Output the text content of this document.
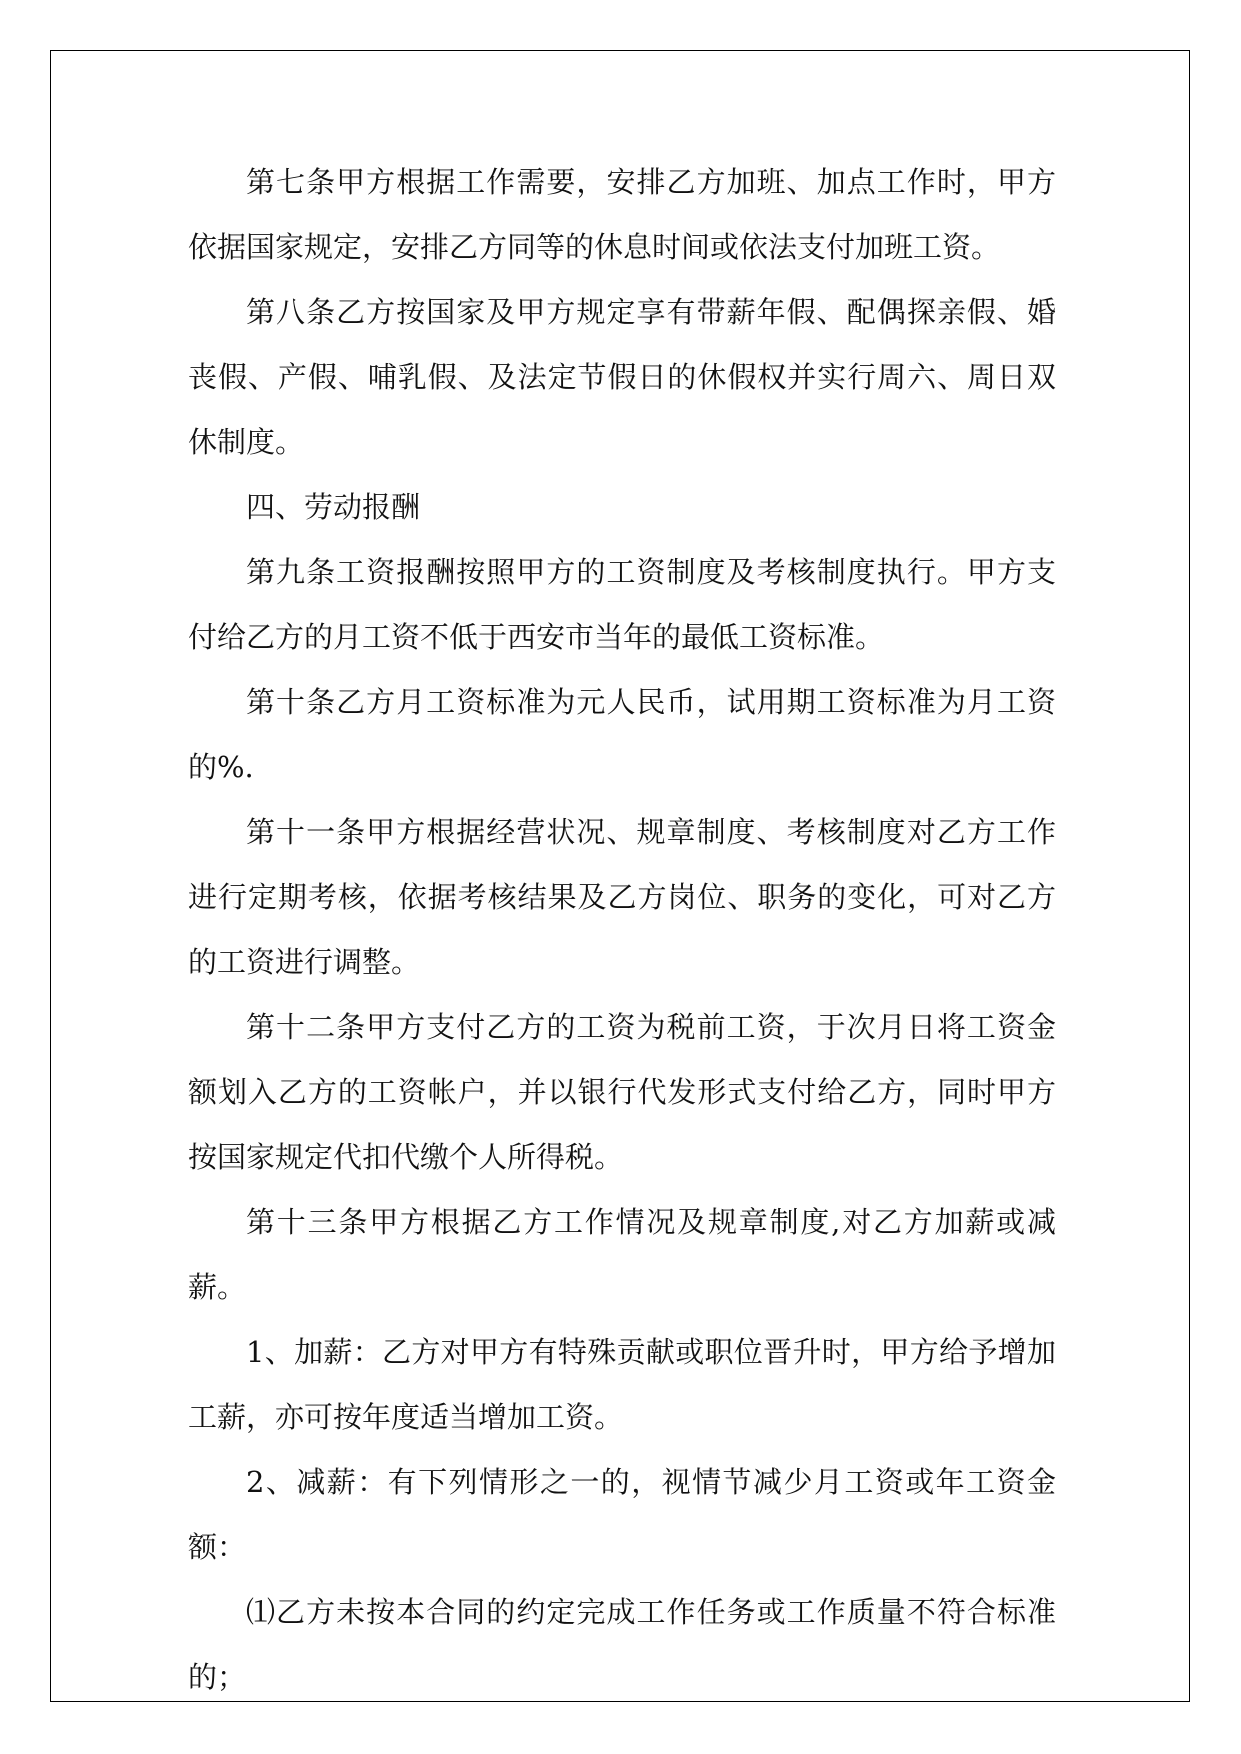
第七条甲方根据工作需要，安排乙方加班、加点工作时，甲方依据国家规定，安排乙方同等的休息时间或依法支付加班工资。

第八条乙方按国家及甲方规定享有带薪年假、配偶探亲假、婚丧假、产假、哺乳假、及法定节假日的休假权并实行周六、周日双休制度。

四、劳动报酬

第九条工资报酬按照甲方的工资制度及考核制度执行。甲方支付给乙方的月工资不低于西安市当年的最低工资标准。

第十条乙方月工资标准为元人民币，试用期工资标准为月工资的%.

第十一条甲方根据经营状况、规章制度、考核制度对乙方工作进行定期考核，依据考核结果及乙方岗位、职务的变化，可对乙方的工资进行调整。

第十二条甲方支付乙方的工资为税前工资，于次月日将工资金额划入乙方的工资帐户，并以银行代发形式支付给乙方，同时甲方按国家规定代扣代缴个人所得税。

第十三条甲方根据乙方工作情况及规章制度,对乙方加薪或减薪。

1、加薪：乙方对甲方有特殊贡献或职位晋升时，甲方给予增加工薪，亦可按年度适当增加工资。

2、减薪：有下列情形之一的，视情节减少月工资或年工资金额：

⑴乙方未按本合同的约定完成工作任务或工作质量不符合标准的；
